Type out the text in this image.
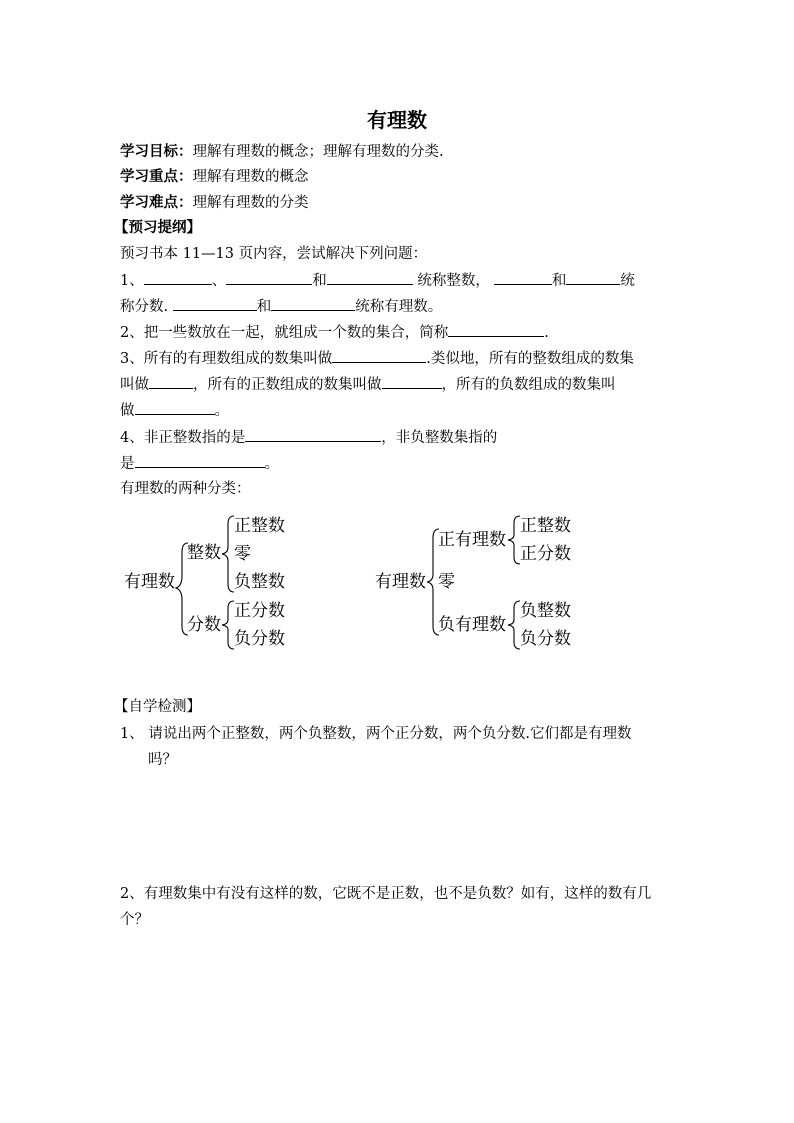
有理数
学习目标：理解有理数的概念；理解有理数的分类.
学习重点：理解有理数的概念
学习难点：理解有理数的分类
【预习提纲】
预习书本 11—13 页内容，尝试解决下列问题：
1、	、	和	统称整数，	和	统
称分数.	和	统称有理数。
2、把一些数放在一起，就组成一个数的集合，简称	.
3、所有的有理数组成的数集叫做	.类似地，所有的整数组成的数集
叫做	，所有的正数组成的数集叫做	，所有的负数组成的数集叫
做	。
4、非正整数指的是	，非负整数集指的
是	。
有理数的两种分类：
有理数
整数
分数
正整数
零
负整数
正分数
负分数
有理数
正有理数
零
负有理数
正整数
正分数
负整数
负分数
【自学检测】
1、 请说出两个正整数，两个负整数，两个正分数，两个负分数.它们都是有理数
吗？
2、有理数集中有没有这样的数，它既不是正数，也不是负数？如有，这样的数有几
个？
